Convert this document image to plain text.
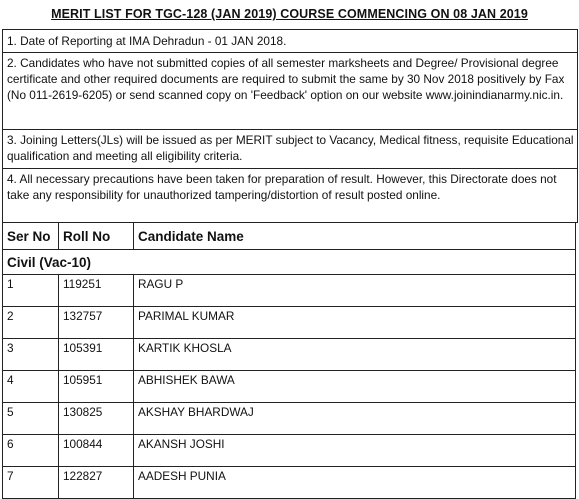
MERIT LIST FOR TGC-128 (JAN 2019) COURSE COMMENCING ON 08 JAN 2019
1. Date of Reporting at IMA Dehradun - 01 JAN 2018.
2. Candidates who have not submitted copies of all semester marksheets and Degree/ Provisional degree certificate and other required documents are required to submit the same by 30 Nov 2018 positively by Fax (No 011-2619-6205) or send scanned copy on 'Feedback' option on our website www.joinindianarmy.nic.in.
3. Joining Letters(JLs) will be issued as per MERIT subject to Vacancy, Medical fitness, requisite Educational qualification and meeting all eligibility criteria.
4. All necessary precautions have been taken for preparation of result. However, this Directorate does not take any responsibility for unauthorized tampering/distortion of result posted online.
Ser No	Roll No	Candidate Name
Civil (Vac-10)		
1	119251	RAGU P
2	132757	PARIMAL KUMAR
3	105391	KARTIK KHOSLA
4	105951	ABHISHEK BAWA
5	130825	AKSHAY BHARDWAJ
6	100844	AKANSH JOSHI
7	122827	AADESH PUNIA
